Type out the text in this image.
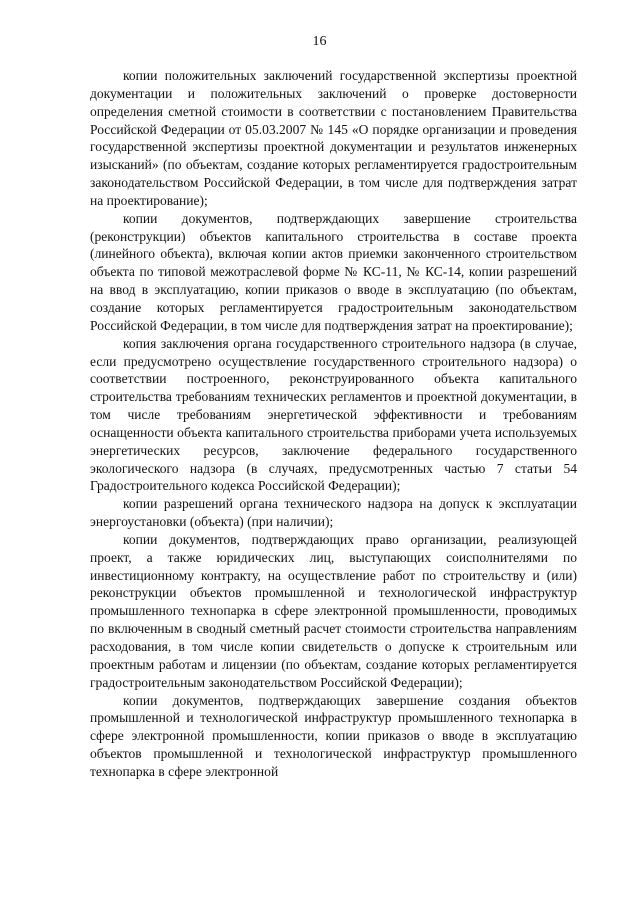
16

копии положительных заключений государственной экспертизы проектной документации и положительных заключений о проверке достоверности определения сметной стоимости в соответствии с постановлением Правительства Российской Федерации от 05.03.2007 № 145 «О порядке организации и проведения государственной экспертизы проектной документации и результатов инженерных изысканий» (по объектам, создание которых регламентируется градостроительным законодательством Российской Федерации, в том числе для подтверждения затрат на проектирование);

копии документов, подтверждающих завершение строительства (реконструкции) объектов капитального строительства в составе проекта (линейного объекта), включая копии актов приемки законченного строительством объекта по типовой межотраслевой форме № КС-11, № КС-14, копии разрешений на ввод в эксплуатацию, копии приказов о вводе в эксплуатацию (по объектам, создание которых регламентируется градостроительным законодательством Российской Федерации, в том числе для подтверждения затрат на проектирование);

копия заключения органа государственного строительного надзора (в случае, если предусмотрено осуществление государственного строительного надзора) о соответствии построенного, реконструированного объекта капитального строительства требованиям технических регламентов и проектной документации, в том числе требованиям энергетической эффективности и требованиям оснащенности объекта капитального строительства приборами учета используемых энергетических ресурсов, заключение федерального государственного экологического надзора (в случаях, предусмотренных частью 7 статьи 54 Градостроительного кодекса Российской Федерации);

копии разрешений органа технического надзора на допуск к эксплуатации энергоустановки (объекта) (при наличии);

копии документов, подтверждающих право организации, реализующей проект, а также юридических лиц, выступающих соисполнителями по инвестиционному контракту, на осуществление работ по строительству и (или) реконструкции объектов промышленной и технологической инфраструктур промышленного технопарка в сфере электронной промышленности, проводимых по включенным в сводный сметный расчет стоимости строительства направлениям расходования, в том числе копии свидетельств о допуске к строительным или проектным работам и лицензии (по объектам, создание которых регламентируется градостроительным законодательством Российской Федерации);

копии документов, подтверждающих завершение создания объектов промышленной и технологической инфраструктур промышленного технопарка в сфере электронной промышленности, копии приказов о вводе в эксплуатацию объектов промышленной и технологической инфраструктур промышленного технопарка в сфере электронной
